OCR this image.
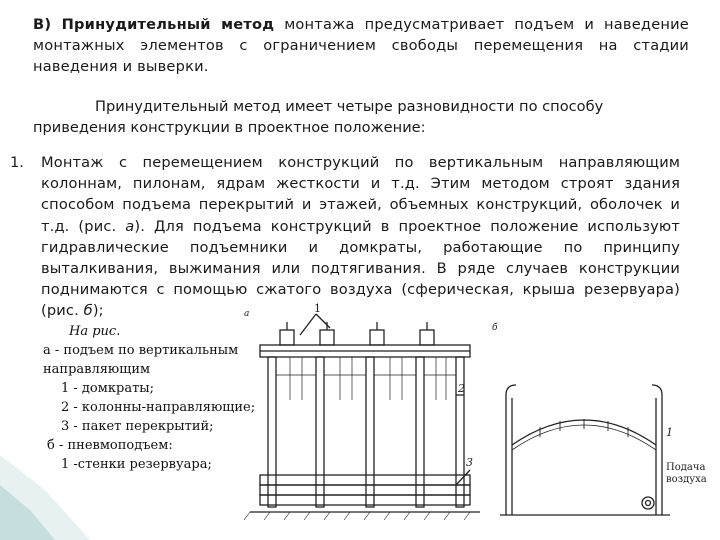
В) Принудительный метод монтажа предусматривает подъем и наведение монтажных элементов с ограничением свободы перемещения на стадии наведения и выверки.
Принудительный метод имеет четыре разновидности по способу приведения конструкции в проектное положение:
1. Монтаж с перемещением конструкций по вертикальным направляющим колоннам, пилонам, ядрам жесткости и т.д. Этим методом строят здания способом подъема перекрытий и этажей, объемных конструкций, оболочек и т.д. (рис. а). Для подъема конструкций в проектное положение используют гидравлические подъемники и домкраты, работающие по принципу выталкивания, выжимания или подтягивания. В ряде случаев конструкции поднимаются с помощью сжатого воздуха (сферическая, крыша резервуара) (рис. б);	а	1
2
3
б
1
Подача
воздуха
На рис.
а - подъем по вертикальным
направляющим
1 - домкраты;
2 - колонны-направляющие;
3 - пакет перекрытий;
б - пневмоподъем:
1 -стенки резервуара;
